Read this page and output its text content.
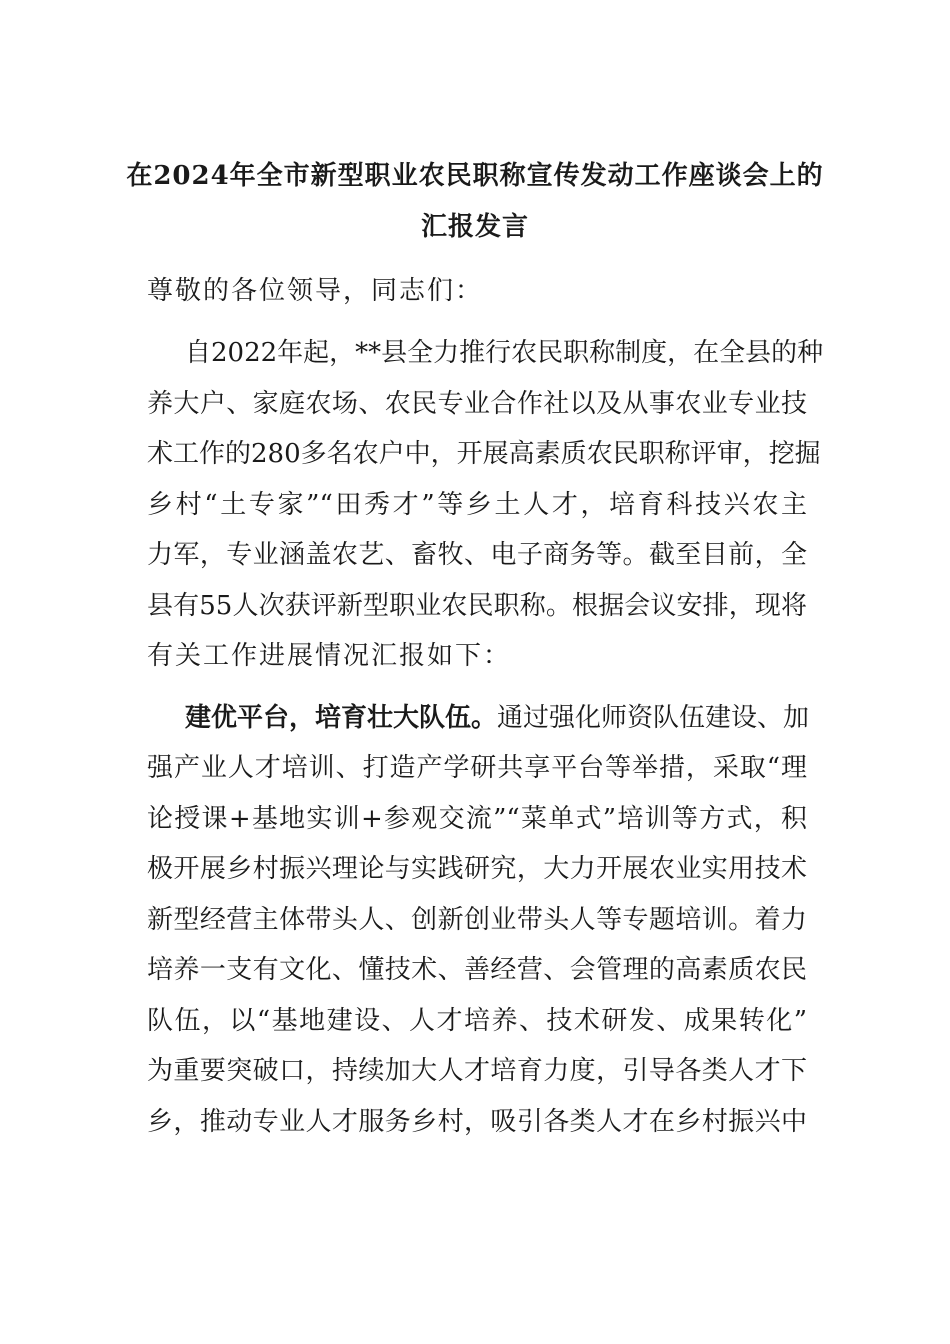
在2024年全市新型职业农民职称宣传发动工作座谈会上的
汇报发言
尊敬的各位领导，同志们：
自2022年起，**县全力推行农民职称制度，在全县的种
养大户、家庭农场、农民专业合作社以及从事农业专业技
术工作的280多名农户中，开展高素质农民职称评审，挖掘
乡村“土专家”“田秀才”等乡土人才，培育科技兴农主
力军，专业涵盖农艺、畜牧、电子商务等。截至目前，全
县有55人次获评新型职业农民职称。根据会议安排，现将
有关工作进展情况汇报如下：
建优平台，培育壮大队伍。通过强化师资队伍建设、加
强产业人才培训、打造产学研共享平台等举措，采取“理
论授课+基地实训+参观交流”“菜单式”培训等方式，积
极开展乡村振兴理论与实践研究，大力开展农业实用技术
新型经营主体带头人、创新创业带头人等专题培训。着力
培养一支有文化、懂技术、善经营、会管理的高素质农民
队伍，以“基地建设、人才培养、技术研发、成果转化”
为重要突破口，持续加大人才培育力度，引导各类人才下
乡，推动专业人才服务乡村，吸引各类人才在乡村振兴中
